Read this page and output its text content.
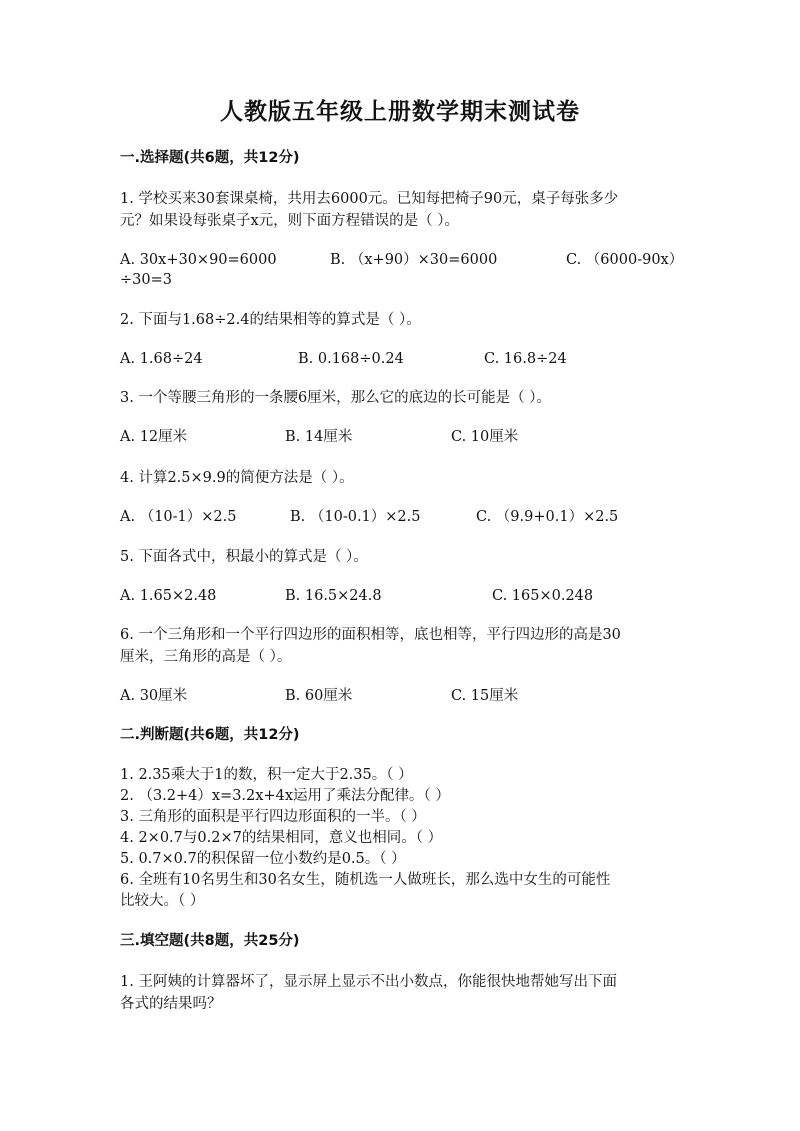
人教版五年级上册数学期末测试卷
一.选择题(共6题，共12分)
1. 学校买来30套课桌椅，共用去6000元。已知每把椅子90元，桌子每张多少
元？如果设每张桌子x元，则下面方程错误的是（ ）。
A. 30x+30×90=6000	B. （x+90）×30=6000	C. （6000-90x）
÷30=3
2. 下面与1.68÷2.4的结果相等的算式是（ ）。
A. 1.68÷24	B. 0.168÷0.24	C. 16.8÷24
3. 一个等腰三角形的一条腰6厘米，那么它的底边的长可能是（ ）。
A. 12厘米	B. 14厘米	C. 10厘米
4. 计算2.5×9.9的简便方法是（ ）。
A. （10-1）×2.5	B. （10-0.1）×2.5	C. （9.9+0.1）×2.5
5. 下面各式中，积最小的算式是（ ）。
A. 1.65×2.48	B. 16.5×24.8	C. 165×0.248
6. 一个三角形和一个平行四边形的面积相等，底也相等，平行四边形的高是30
厘米，三角形的高是（ ）。
A. 30厘米	B. 60厘米	C. 15厘米
二.判断题(共6题，共12分)
1. 2.35乘大于1的数，积一定大于2.35。（ ）
2. （3.2+4）x=3.2x+4x运用了乘法分配律。（ ）
3. 三角形的面积是平行四边形面积的一半。（ ）
4. 2×0.7与0.2×7的结果相同，意义也相同。（ ）
5. 0.7×0.7的积保留一位小数约是0.5。（ ）
6. 全班有10名男生和30名女生，随机选一人做班长，那么选中女生的可能性
比较大。（ ）
三.填空题(共8题，共25分)
1. 王阿姨的计算器坏了，显示屏上显示不出小数点，你能很快地帮她写出下面
各式的结果吗？
